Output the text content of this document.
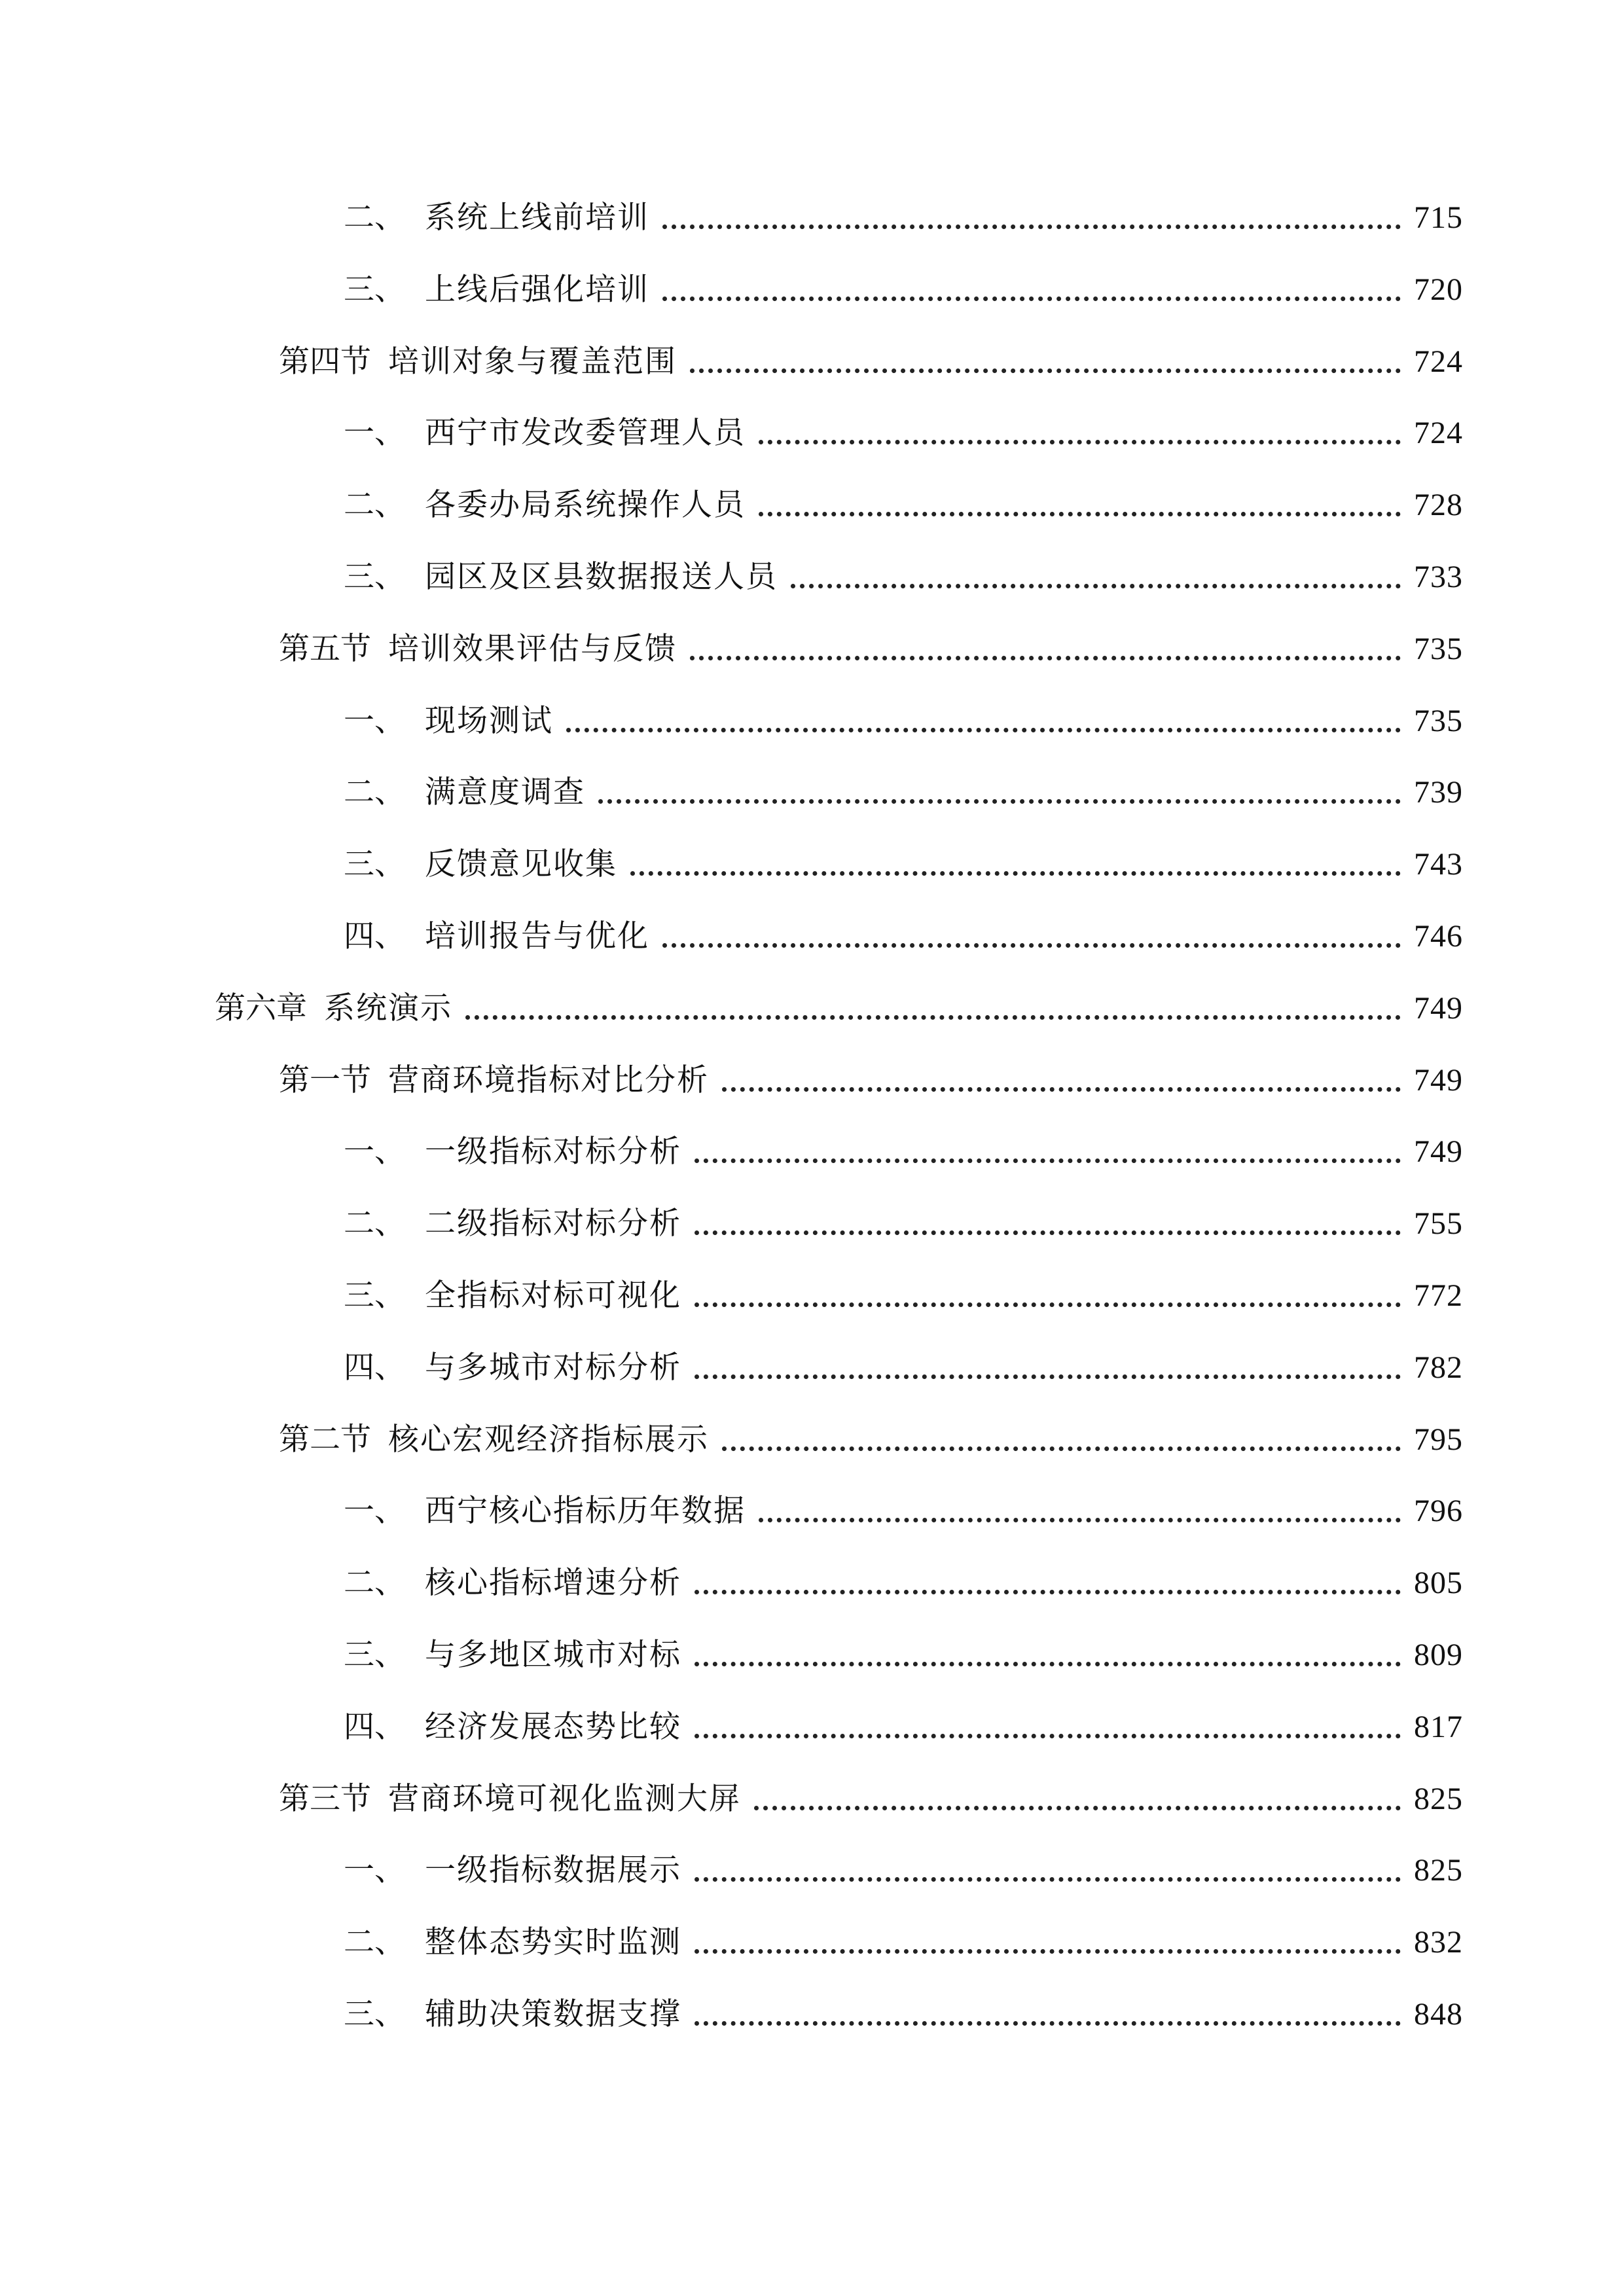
二、 系统上线前培训	715
三、 上线后强化培训	720
第四节 培训对象与覆盖范围	724
一、 西宁市发改委管理人员	724
二、 各委办局系统操作人员	728
三、 园区及区县数据报送人员	733
第五节 培训效果评估与反馈	735
一、 现场测试	735
二、 满意度调查	739
三、 反馈意见收集	743
四、 培训报告与优化	746
第六章 系统演示	749
第一节 营商环境指标对比分析	749
一、 一级指标对标分析	749
二、 二级指标对标分析	755
三、 全指标对标可视化	772
四、 与多城市对标分析	782
第二节 核心宏观经济指标展示	795
一、 西宁核心指标历年数据	796
二、 核心指标增速分析	805
三、 与多地区城市对标	809
四、 经济发展态势比较	817
第三节 营商环境可视化监测大屏	825
一、 一级指标数据展示	825
二、 整体态势实时监测	832
三、 辅助决策数据支撑	848
